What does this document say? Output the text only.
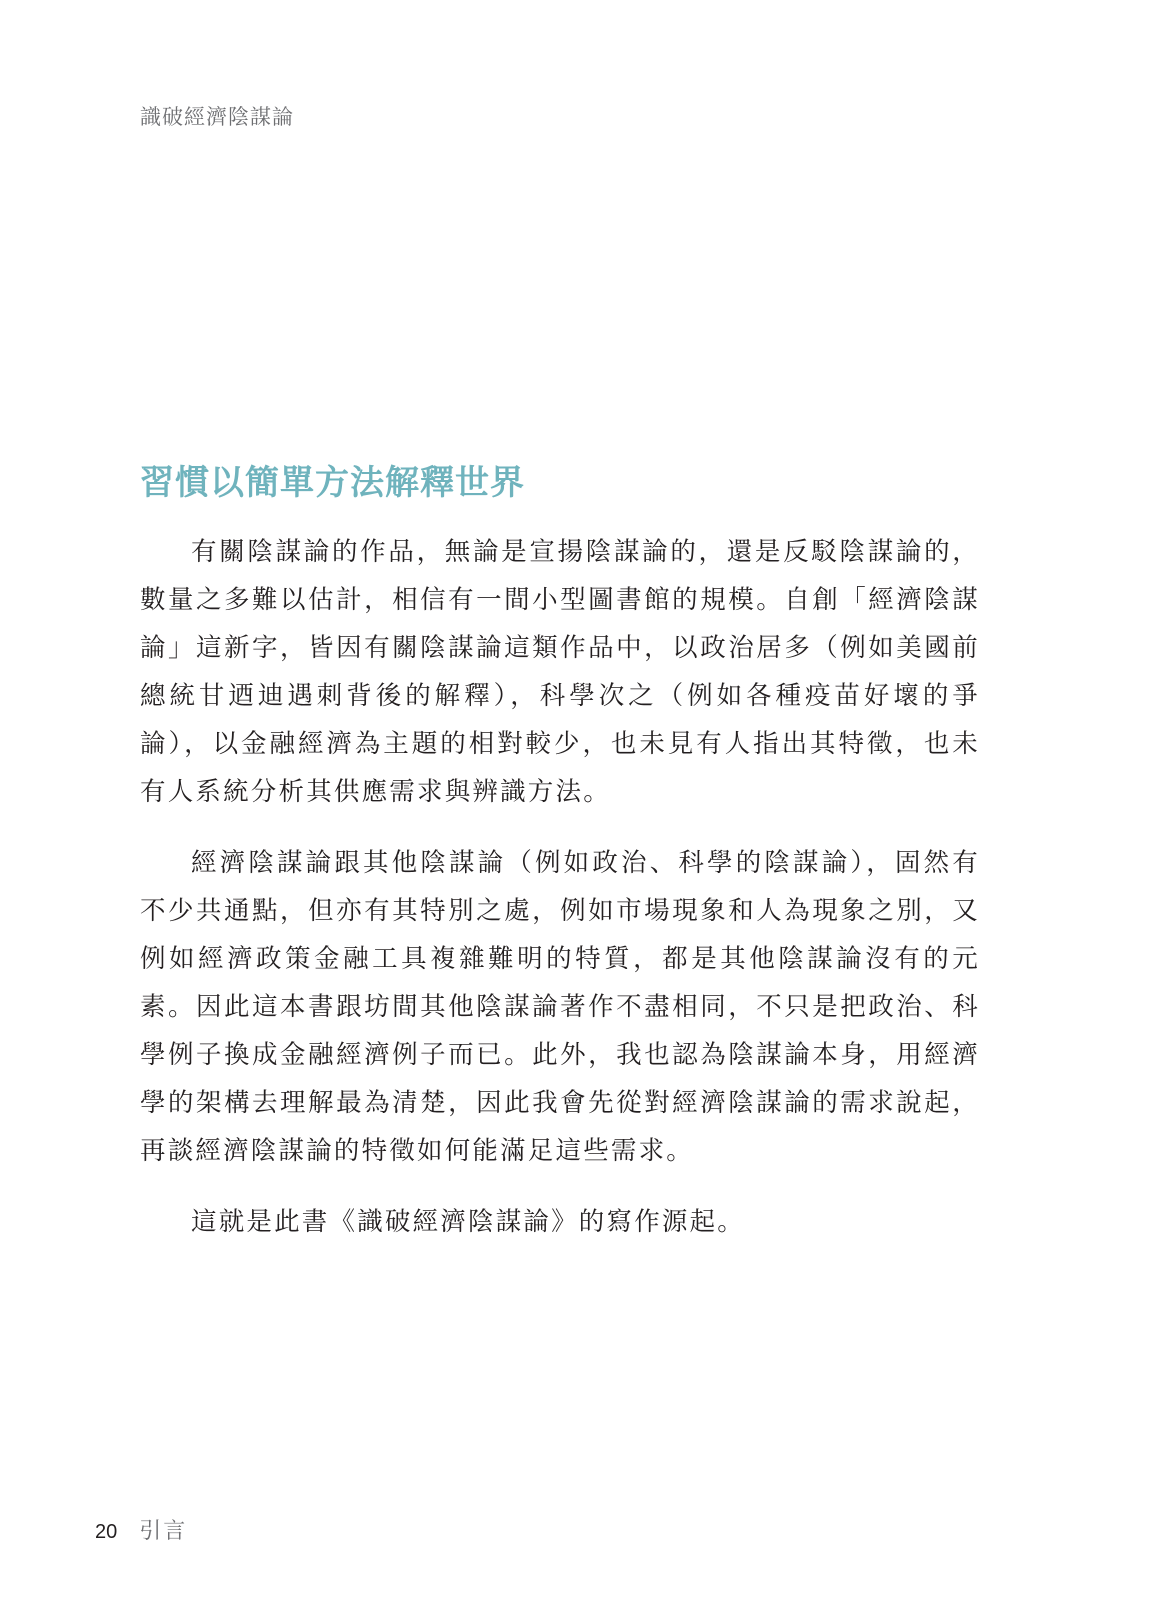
識破經濟陰謀論
習慣以簡單方法解釋世界

有關陰謀論的作品，無論是宣揚陰謀論的，還是反駁陰謀論的，數量之多難以估計，相信有一間小型圖書館的規模。自創「經濟陰謀論」這新字，皆因有關陰謀論這類作品中，以政治居多（例如美國前總統甘迺迪遇刺背後的解釋），科學次之（例如各種疫苗好壞的爭論），以金融經濟為主題的相對較少，也未見有人指出其特徵，也未有人系統分析其供應需求與辨識方法。

經濟陰謀論跟其他陰謀論（例如政治、科學的陰謀論），固然有不少共通點，但亦有其特別之處，例如市場現象和人為現象之別，又例如經濟政策金融工具複雜難明的特質，都是其他陰謀論沒有的元素。因此這本書跟坊間其他陰謀論著作不盡相同，不只是把政治、科學例子換成金融經濟例子而已。此外，我也認為陰謀論本身，用經濟學的架構去理解最為清楚，因此我會先從對經濟陰謀論的需求說起，再談經濟陰謀論的特徵如何能滿足這些需求。

這就是此書《識破經濟陰謀論》的寫作源起。

20 引言
